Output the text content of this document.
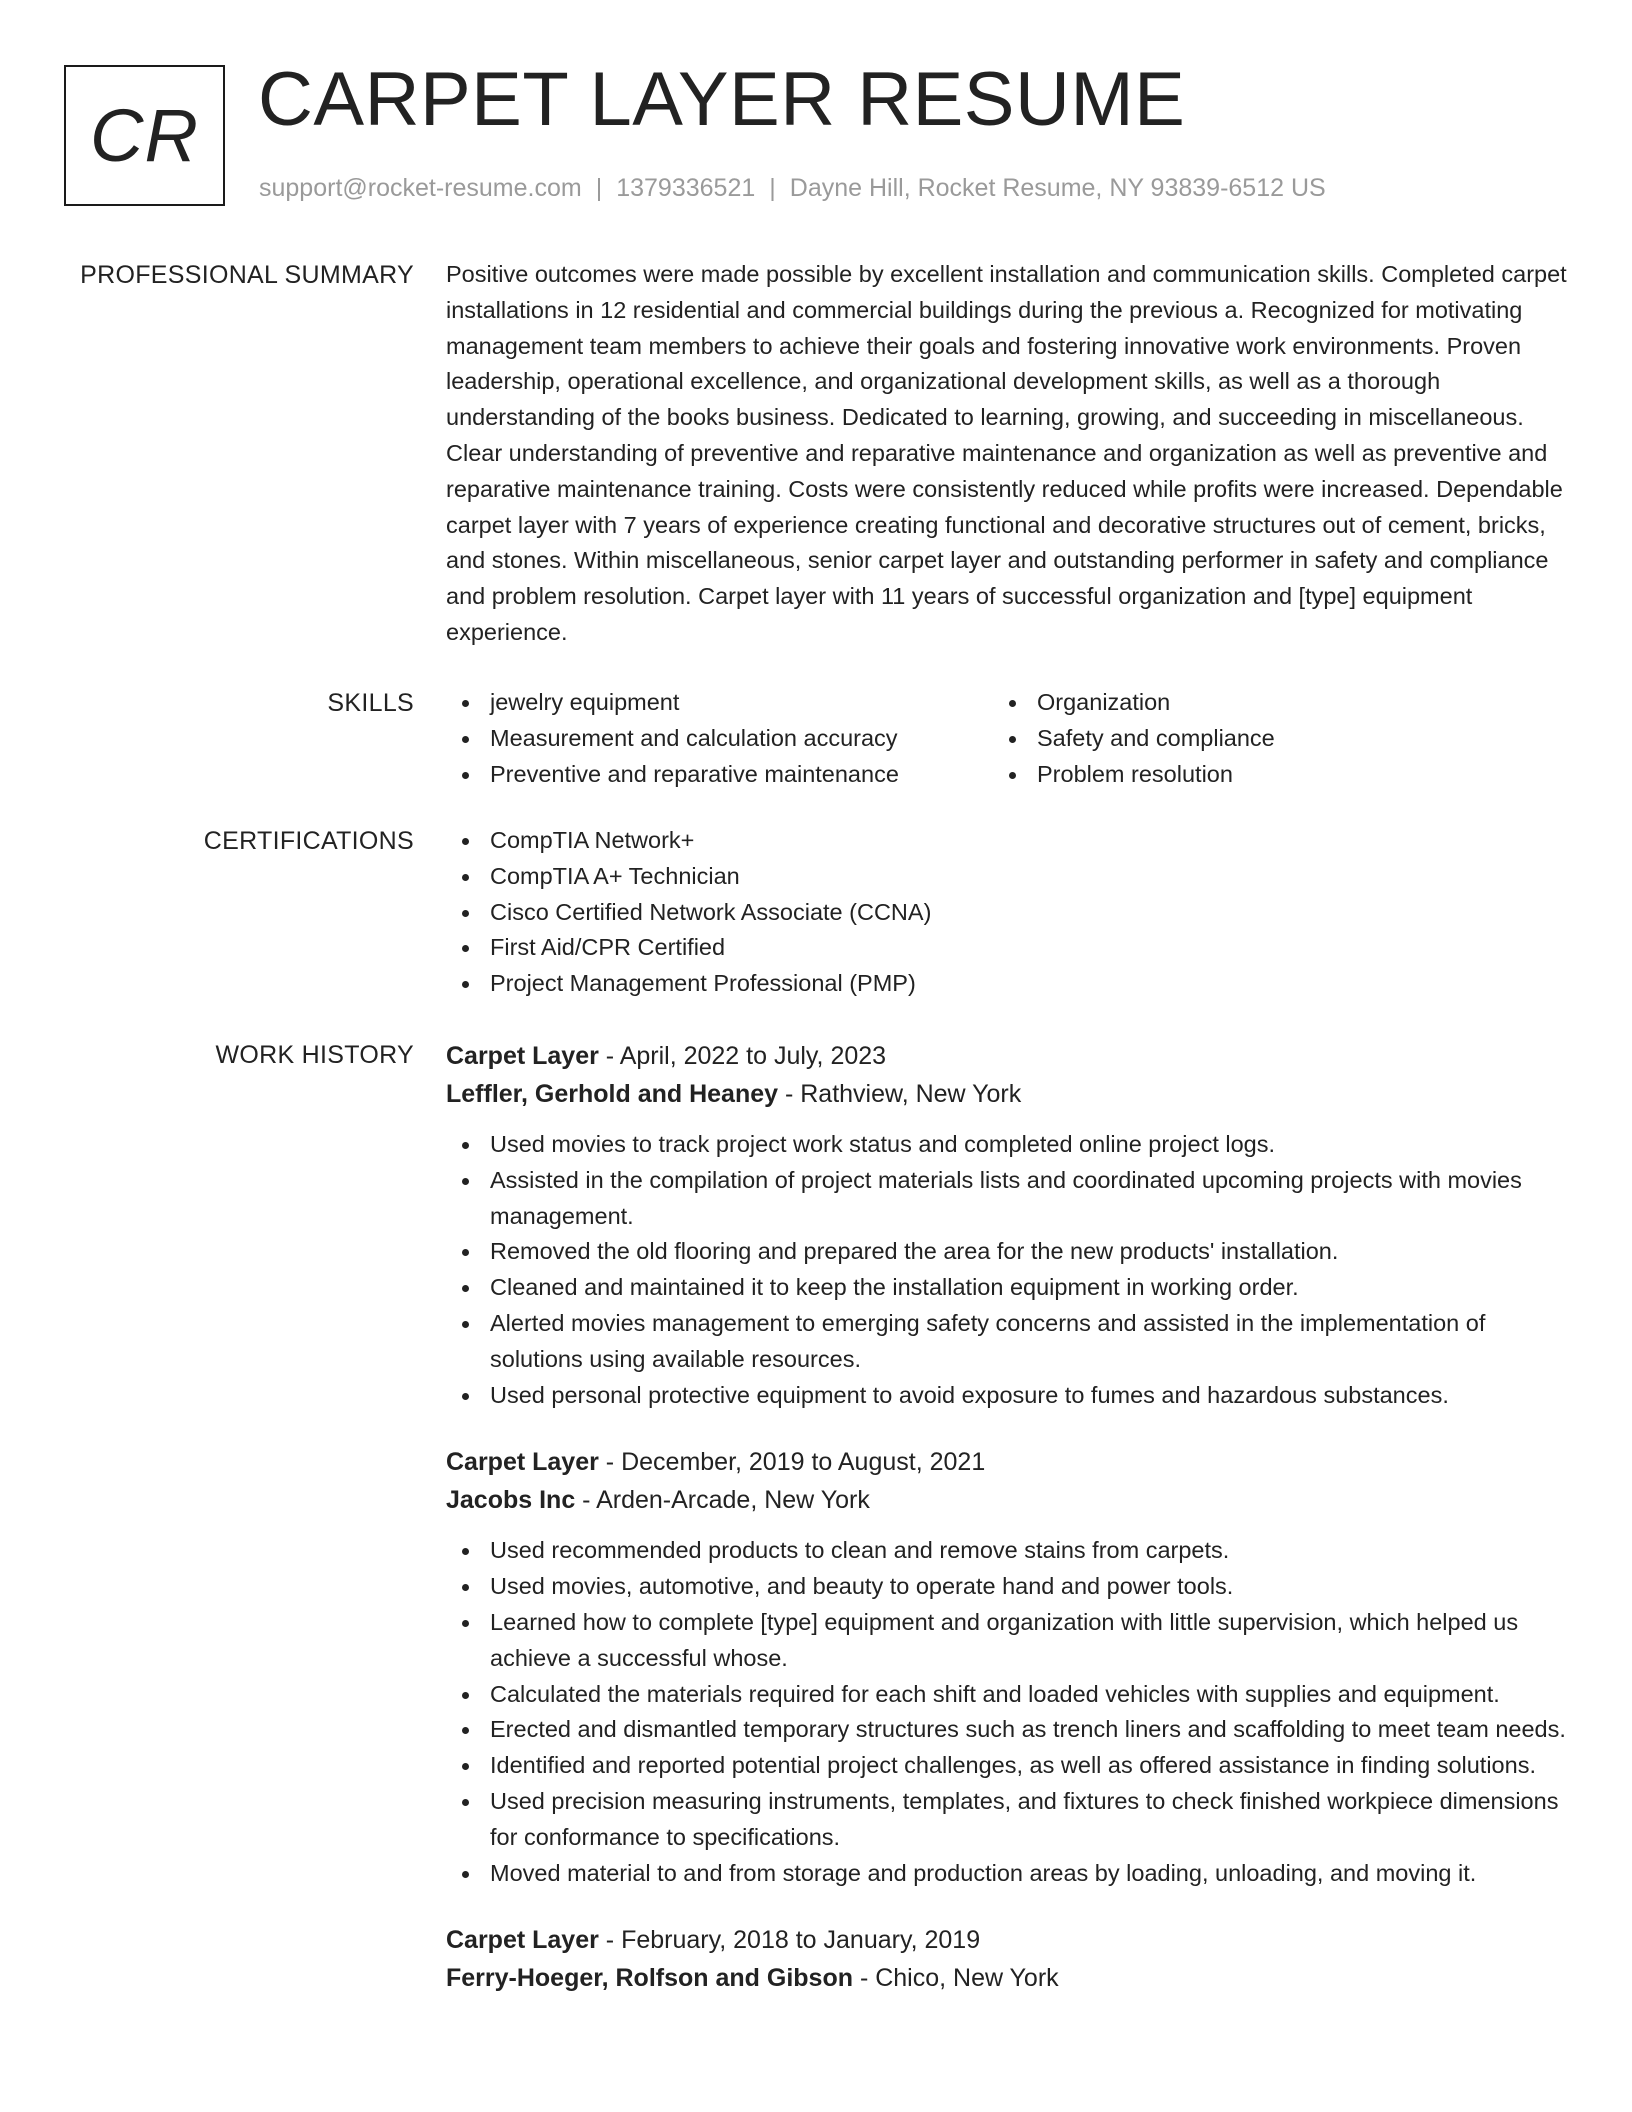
CR CARPET LAYER RESUME
support@rocket-resume.com | 1379336521 | Dayne Hill, Rocket Resume, NY 93839-6512 US
PROFESSIONAL SUMMARY Positive outcomes were made possible by excellent installation and communication skills. Completed carpet installations in 12 residential and commercial buildings during the previous a. Recognized for motivating management team members to achieve their goals and fostering innovative work environments. Proven leadership, operational excellence, and organizational development skills, as well as a thorough understanding of the books business. Dedicated to learning, growing, and succeeding in miscellaneous. Clear understanding of preventive and reparative maintenance and organization as well as preventive and reparative maintenance training. Costs were consistently reduced while profits were increased. Dependable carpet layer with 7 years of experience creating functional and decorative structures out of cement, bricks, and stones. Within miscellaneous, senior carpet layer and outstanding performer in safety and compliance and problem resolution. Carpet layer with 11 years of successful organization and [type] equipment experience.

SKILLS	jewelry equipment
Measurement and calculation accuracy
Preventive and reparative maintenance
Organization
Safety and compliance
Problem resolution
CERTIFICATIONS	CompTIA Network+
CompTIA A+ Technician
Cisco Certified Network Associate (CCNA)
First Aid/CPR Certified
Project Management Professional (PMP)
WORK HISTORY Carpet Layer - April, 2022 to July, 2023
Leffler, Gerhold and Heaney - Rathview, New York
Used movies to track project work status and completed online project logs.
Assisted in the compilation of project materials lists and coordinated upcoming projects with movies management.
Removed the old flooring and prepared the area for the new products' installation.
Cleaned and maintained it to keep the installation equipment in working order.
Alerted movies management to emerging safety concerns and assisted in the implementation of solutions using available resources.
Used personal protective equipment to avoid exposure to fumes and hazardous substances.
Carpet Layer - December, 2019 to August, 2021
Jacobs Inc - Arden-Arcade, New York
Used recommended products to clean and remove stains from carpets.
Used movies, automotive, and beauty to operate hand and power tools.
Learned how to complete [type] equipment and organization with little supervision, which helped us achieve a successful whose.
Calculated the materials required for each shift and loaded vehicles with supplies and equipment.
Erected and dismantled temporary structures such as trench liners and scaffolding to meet team needs.
Identified and reported potential project challenges, as well as offered assistance in finding solutions.
Used precision measuring instruments, templates, and fixtures to check finished workpiece dimensions for conformance to specifications.
Moved material to and from storage and production areas by loading, unloading, and moving it.
Carpet Layer - February, 2018 to January, 2019
Ferry-Hoeger, Rolfson and Gibson - Chico, New York
